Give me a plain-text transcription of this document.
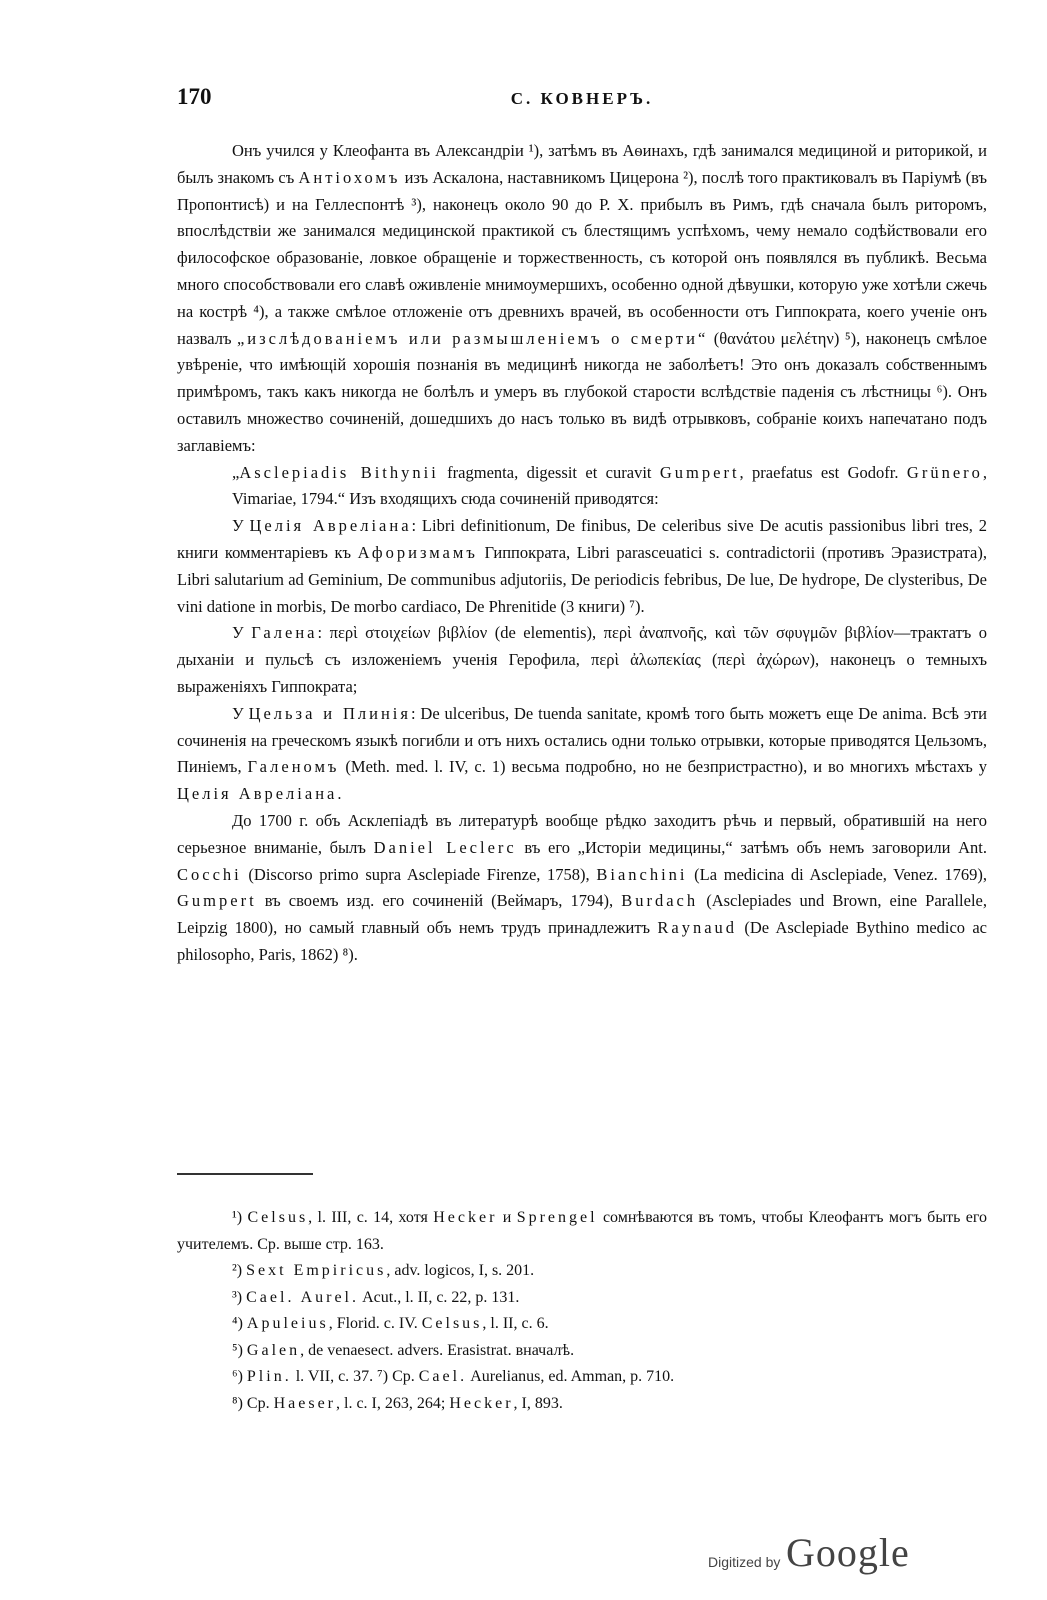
170	С. КОВНЕРЪ.

Онъ учился у Клеофанта въ Александріи ¹), затѣмъ въ Аѳинахъ, гдѣ занимался медициной и риторикой, и былъ знакомъ съ Антіохомъ изъ Аскалона, наставникомъ Цицерона ²), послѣ того практиковалъ въ Паріумѣ (въ Пропонтисѣ) и на Геллеспонтѣ ³), наконецъ около 90 до Р. Х. прибылъ въ Римъ, гдѣ сначала былъ риторомъ, впослѣдствіи же занимался медицинской практикой съ блестящимъ успѣхомъ, чему немало содѣйствовали его философское образованіе, ловкое обращеніе и торжественность, съ которой онъ появлялся въ публикѣ. Весьма много способствовали его славѣ оживленіе мнимоумершихъ, особенно одной дѣвушки, которую уже хотѣли сжечь на кострѣ ⁴), а также смѣлое отложеніе отъ древнихъ врачей, въ особенности отъ Гиппократа, коего ученіе онъ назвалъ „изслѣдованіемъ или размышленіемъ о смерти“ (θανάτου μελέτην) ⁵), наконецъ смѣлое увѣреніе, что имѣющій хорошія познанія въ медицинѣ никогда не заболѣетъ! Это онъ доказалъ собственнымъ примѣромъ, такъ какъ никогда не болѣлъ и умеръ въ глубокой старости вслѣдствіе паденія съ лѣстницы ⁶). Онъ оставилъ множество сочиненій, дошедшихъ до насъ только въ видѣ отрывковъ, собраніе коихъ напечатано подъ заглавіемъ:

„Asclepiadis Bithynii fragmenta, digessit et curavit Gumpert, praefatus est Godofr. Grünero, Vimariae, 1794.“ Изъ входящихъ сюда сочиненій приводятся:

У Целія Авреліана: Libri definitionum, De finibus, De celeribus sive De acutis passionibus libri tres, 2 книги комментаріевъ къ Афоризмамъ Гиппократа, Libri parasceuatici s. contradictorii (противъ Эразистрата), Libri salutarium ad Geminium, De communibus adjutoriis, De periodicis febribus, De lue, De hydrope, De clysteribus, De vini datione in morbis, De morbo cardiaco, De Phrenitide (3 книги) ⁷).

У Галена: περὶ στοιχείων βιβλίον (de elementis), περὶ ἀναπνοῆς, καὶ τῶν σφυγμῶν βιβλίον—трактатъ о дыханіи и пульсѣ съ изложеніемъ ученія Герофила, περὶ ἀλωπεκίας (περὶ ἀχώρων), наконецъ о темныхъ выраженіяхъ Гиппократа;

У Цельза и Плинія: De ulceribus, De tuenda sanitate, кромѣ того быть можетъ еще De anima. Всѣ эти сочиненія на греческомъ языкѣ погибли и отъ нихъ остались одни только отрывки, которые приводятся Цельзомъ, Пиніемъ, Галеномъ (Meth. med. l. IV, c. 1) весьма подробно, но не безпристрастно), и во многихъ мѣстахъ у Целія Авреліана.

До 1700 г. объ Асклепіадѣ въ литературѣ вообще рѣдко заходитъ рѣчь и первый, обратившій на него серьезное вниманіе, былъ Daniel Leclerc въ его „Исторіи медицины,“ затѣмъ объ немъ заговорили Ant. Cocchi (Discorso primo supra Asclepiade Firenze, 1758), Bianchini (La medicina di Asclepiade, Venez. 1769), Gumpert въ своемъ изд. его сочиненій (Веймаръ, 1794), Burdach (Asclepiades und Brown, eine Parallele, Leipzig 1800), но самый главный объ немъ трудъ принадлежитъ Raynaud (De Asclepiade Bythino medico ac philosopho, Paris, 1862) ⁸).

¹) Celsus, l. III, c. 14, хотя Hecker и Sprengel сомнѣваются въ томъ, чтобы Клеофантъ могъ быть его учителемъ. Ср. выше стр. 163.

²) Sext Empiricus, adv. logicos, I, s. 201.

³) Cael. Aurel. Acut., l. II, c. 22, p. 131.

⁴) Apuleius, Florid. c. IV. Celsus, l. II, c. 6.

⁵) Galen, de venaesect. advers. Erasistrat. вначалѣ.

⁶) Plin. l. VII, c. 37. ⁷) Cp. Cael. Aurelianus, ed. Amman, p. 710.

⁸) Cp. Haeser, l. c. I, 263, 264; Hecker, I, 893.

Digitized by Google
